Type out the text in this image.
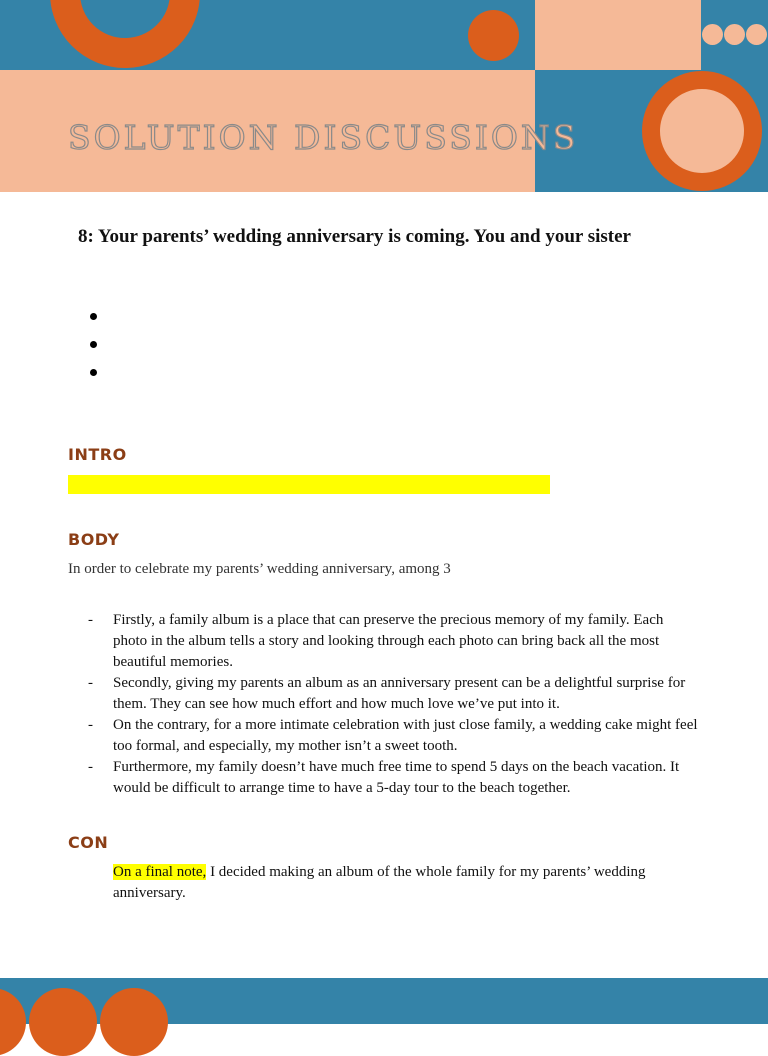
SOLUTION DISCUSSIONS
8: Your parents’ wedding anniversary is coming. You and your sister
INTRO
BODY
In order to celebrate my parents’ wedding anniversary, among 3
- Firstly, a family album is a place that can preserve the precious memory of my family. Each photo in the album tells a story and looking through each photo can bring back all the most beautiful memories.
- Secondly, giving my parents an album as an anniversary present can be a delightful surprise for them. They can see how much effort and how much love we’ve put into it.
- On the contrary, for a more intimate celebration with just close family, a wedding cake might feel too formal, and especially, my mother isn’t a sweet tooth.
- Furthermore, my family doesn’t have much free time to spend 5 days on the beach vacation. It would be difficult to arrange time to have a 5-day tour to the beach together.
CON
On a final note, I decided making an album of the whole family for my parents’ wedding anniversary.
